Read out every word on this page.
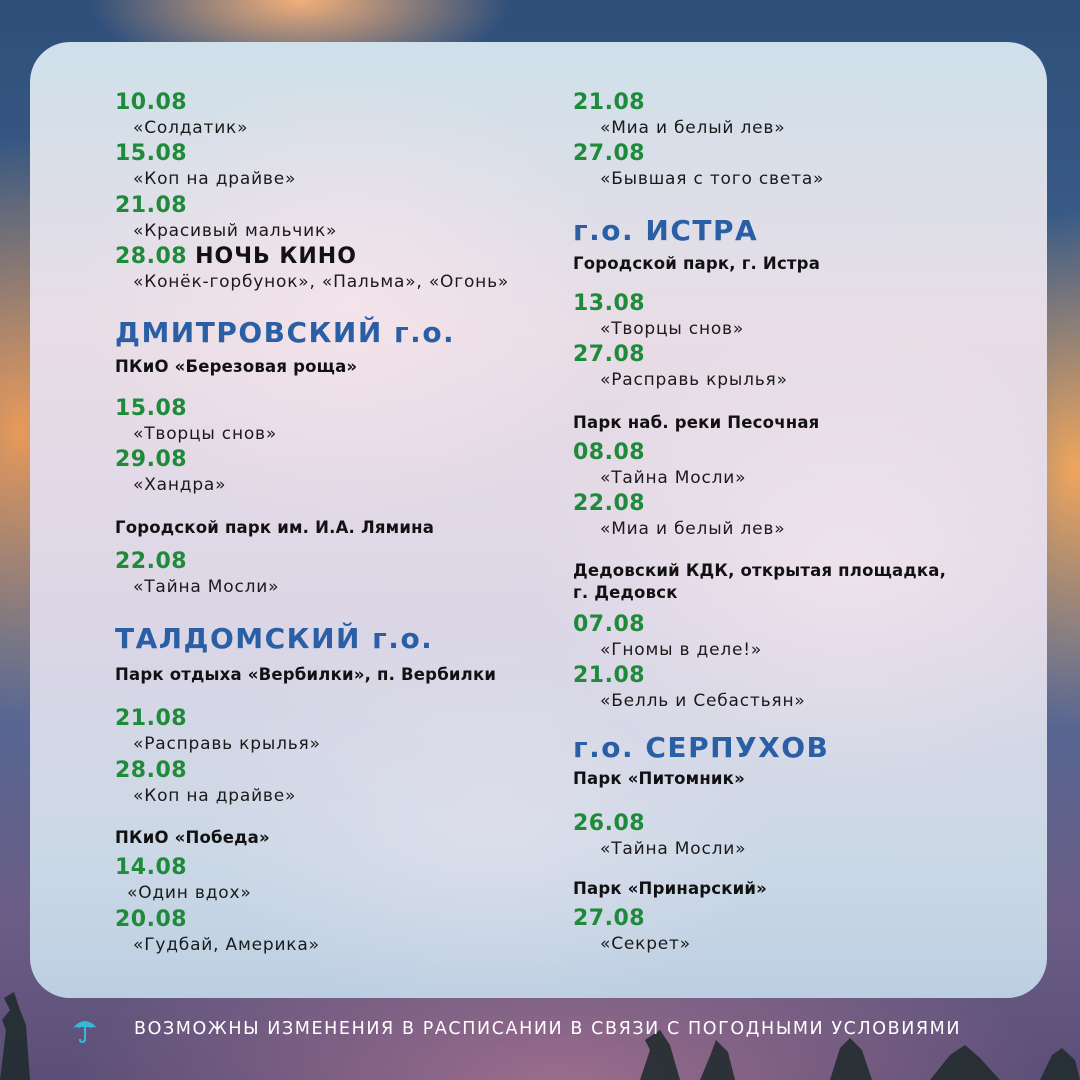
10.08
«Солдатик»
15.08
«Коп на драйве»
21.08
«Красивый мальчик»
28.08 НОЧЬ КИНО
«Конёк-горбунок», «Пальма», «Огонь»
ДМИТРОВСКИЙ г.о.
ПКиО «Березовая роща»
15.08
«Творцы снов»
29.08
«Хандра»
Городской парк им. И.А. Лямина
22.08
«Тайна Мосли»
ТАЛДОМСКИЙ г.о.
Парк отдыха «Вербилки», п. Вербилки
21.08
«Расправь крылья»
28.08
«Коп на драйве»
ПКиО «Победа»
14.08
«Один вдох»
20.08
«Гудбай, Америка»
21.08
«Миа и белый лев»
27.08
«Бывшая с того света»
г.о. ИСТРА
Городской парк, г. Истра
13.08
«Творцы снов»
27.08
«Расправь крылья»
Парк наб. реки Песочная
08.08
«Тайна Мосли»
22.08
«Миа и белый лев»
Дедовский КДК, открытая площадка,
г. Дедовск
07.08
«Гномы в деле!»
21.08
«Белль и Себастьян»
г.о. СЕРПУХОВ
Парк «Питомник»
26.08
«Тайна Мосли»
Парк «Принарский»
27.08
«Секрет»
ВОЗМОЖНЫ ИЗМЕНЕНИЯ В РАСПИСАНИИ В СВЯЗИ С ПОГОДНЫМИ УСЛОВИЯМИ
